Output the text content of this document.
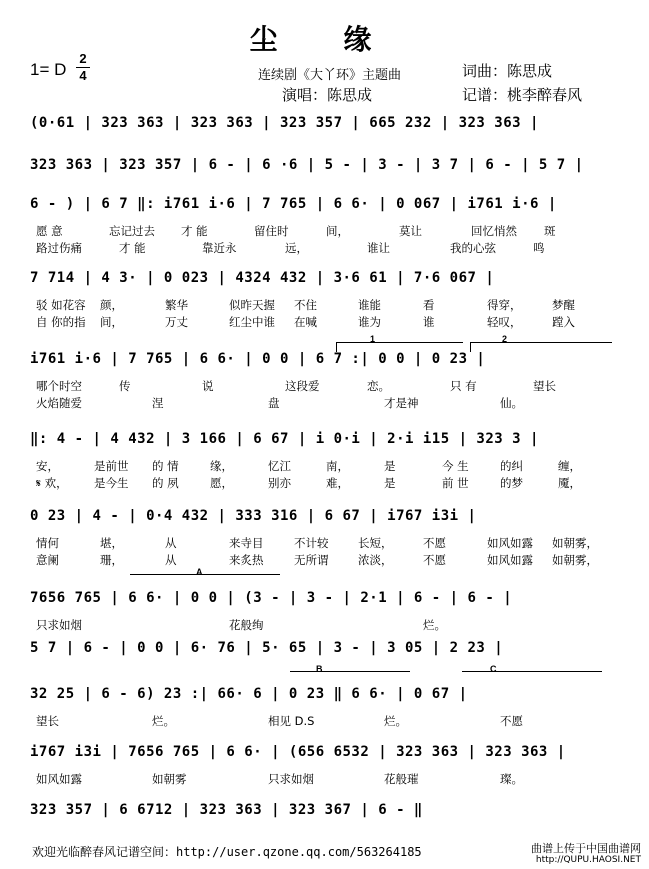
尘 缘
1= D
2
4	连续剧《大丫环》主题曲	词曲：陈思成
演唱：陈思成	记谱：桃李醉春风
(0·61 | 323 363 | 323 363 | 323 357 | 665 232 | 323 363 |
323 363 | 323 357 | 6 - | 6 ·6 | 5 - | 3 - | 3 7 | 6 - | 5 7 |
6 - ) | 6 7 ‖: i761 i·6 | 7 765 | 6 6· | 0 067 | i761 i·6 |
愿 意	忘记过去 才 能	留住时	间，	莫让	回忆悄然 斑
路过伤痛	才 能	靠近永	远，	谁让	我的心弦	鸣
7 714 | 4 3· | 0 023 | 4324 432 | 3·6 61 | 7·6 067 |
驳 如花容 颜，	繁华	似昨天握 不住	谁能	看	得穿，	梦醒
自 你的指 间，	万丈	红尘中谁 在喊	谁为	谁	轻叹，	蹚入
i761 i·6 | 7 765 | 6 6· | 0 0 | 6 7 :| 0 0 | 0 23 |
哪个时空	传	说	这段爱	恋。	只 有	望长
火焰随爱	涅	盘	才是神	仙。
‖: 4 - | 4 432 | 3 166 | 6 67 | i 0·i | 2·i i15 | 323 3 |
安，	是前世 的 情	缘，	忆江	南，	是	今 生	的纠	缠，
𝄋 欢， 是今生 的 夙	愿，	别亦	难，	是	前 世	的梦	魇，
0 23 | 4 - | 0·4 432 | 333 316 | 6 67 | i767 i3i |
情何	堪，	从	来寺目	不计较	长短，	不愿	如风如露 如朝雾，
意阑	珊，	从	来炙热	无所谓	浓淡，	不愿	如风如露 如朝雾，
7656 765 | 6 6· | 0 0 | (3 - | 3 - | 2·1 | 6 - | 6 - |
只求如烟	花般绚	烂。
5 7 | 6 - | 0 0 | 6· 76 | 5· 65 | 3 - | 3 05 | 2 23 |
32 25 | 6 - 6) 23 :| 66· 6 | 0 23 ‖ 6 6· | 0 67 |
望长	烂。	相见 D.S	烂。	不愿
i767 i3i | 7656 765 | 6 6· | (656 6532 | 323 363 | 323 363 |
如风如露	如朝雾	只求如烟	花般璀	璨。
323 357 | 6 6712 | 323 363 | 323 367 | 6 - ‖
1	2
A
B	C
欢迎光临醉春风记谱空间：http://user.qzone.qq.com/563264185	曲谱上传于中国曲谱网
http://QUPU.HAOSI.NET
